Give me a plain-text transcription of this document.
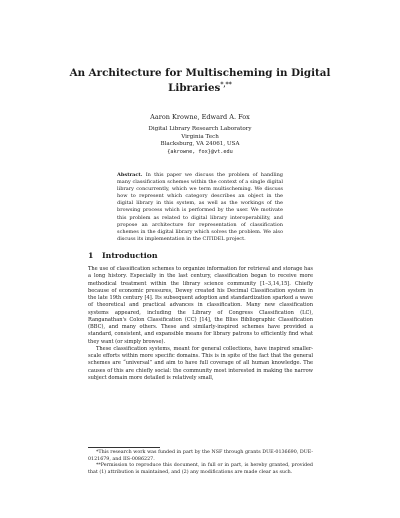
An Architecture for Multischeming in Digital
Libraries*,**
Aaron Krowne, Edward A. Fox
Digital Library Research Laboratory
Virginia Tech
Blacksburg, VA 24061, USA
{akrowne, fox}@vt.edu
Abstract. In this paper we discuss the problem of handling many classification schemes within the context of a single digital library concurrently, which we term multischeming. We discuss how to represent which category describes an object in the digital library in this system, as well as the workings of the browsing process which is performed by the user. We motivate this problem as related to digital library interoperability, and propose an architecture for representation of classification schemes in the digital library which solves the problem. We also discuss its implementation in the CITIDEL project.
1 Introduction

The use of classification schemes to organize information for retrieval and storage has a long history. Especially in the last century, classification began to receive more methodical treatment within the library science community [1–3,14,15]. Chiefly because of economic pressures, Dewey created his Decimal Classification system in the late 19th century [4]. Its subsequent adoption and standardization sparked a wave of theoretical and practical advances in classification. Many new classification systems appeared, including the Library of Congress Classification (LC), Ranganathan's Colon Classification (CC) [14], the Bliss Bibliographic Classification (BBC), and many others. These and similarly-inspired schemes have provided a standard, consistent, and expansible means for library patrons to efficiently find what they want (or simply browse).

These classification systems, meant for general collections, have inspired smaller-scale efforts within more specific domains. This is in spite of the fact that the general schemes are “universal” and aim to have full coverage of all human knowledge. The causes of this are chiefly social: the community most interested in making the narrow subject domain more detailed is relatively small,

*This research work was funded in part by the NSF through grants DUE-0136690, DUE-0121679, and IIS-0086227.

**Permission to reproduce this document, in full or in part, is hereby granted, provided that (1) attribution is maintained, and (2) any modifications are made clear as such.
